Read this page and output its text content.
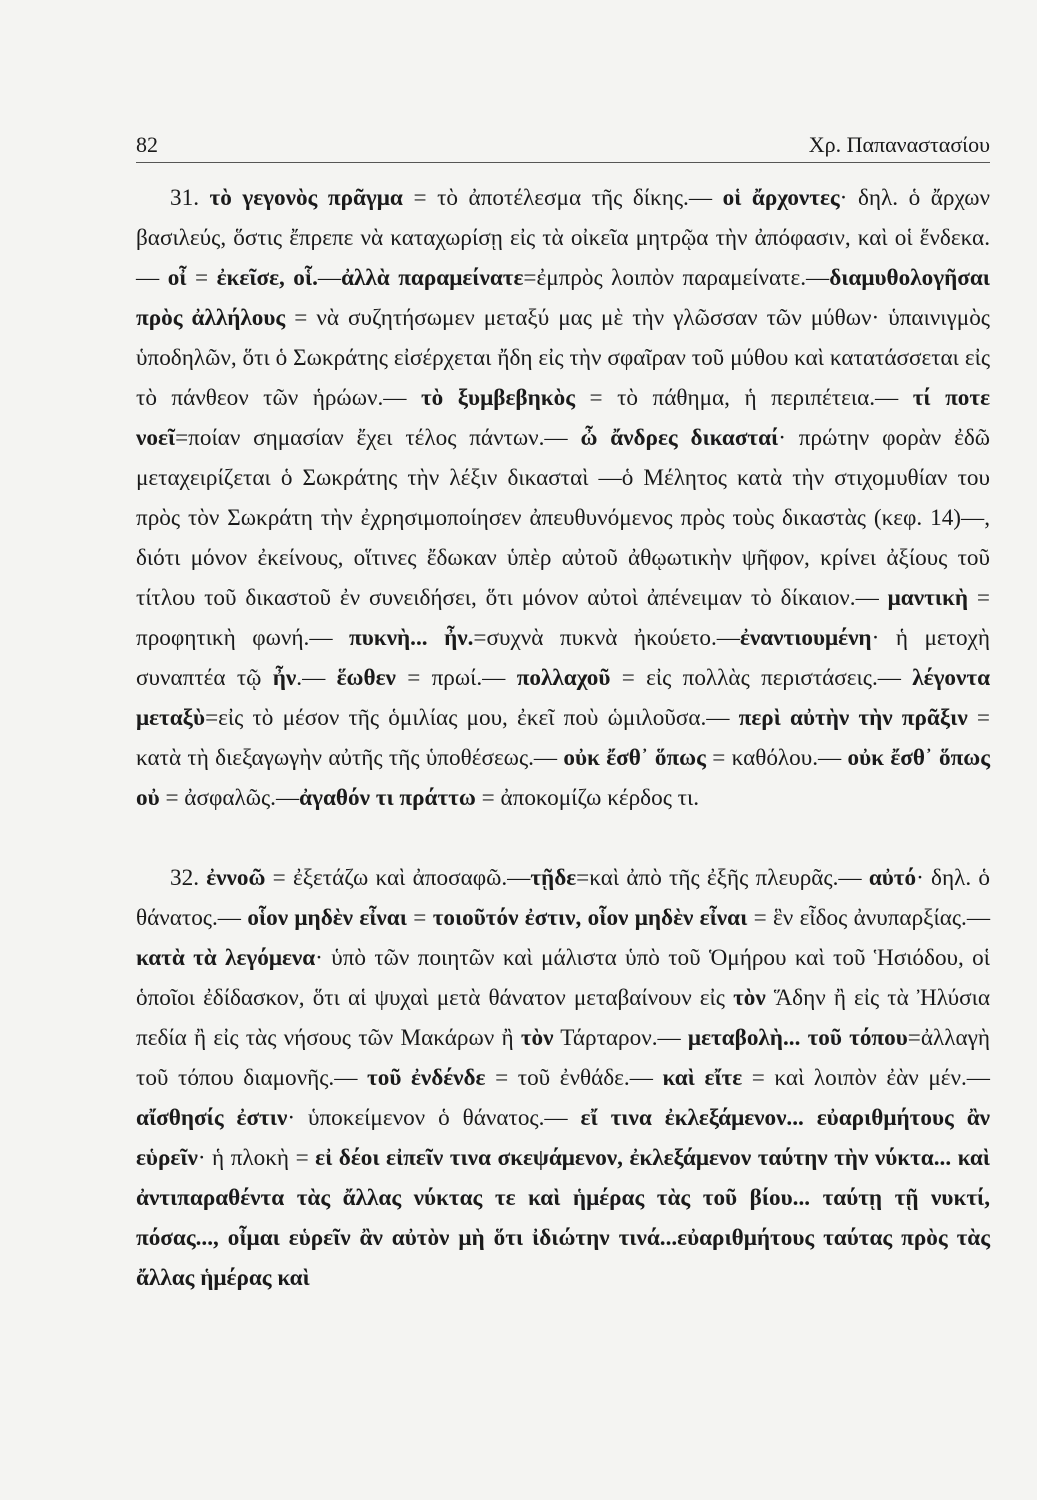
82	Χρ. Παπαναστασίου

31. τὸ γεγονὸς πρᾶγμα = τὸ ἀποτέλεσμα τῆς δίκης.— οἱ ἄρχοντες· δηλ. ὁ ἄρχων βασιλεύς, ὅστις ἔπρεπε νὰ καταχωρίσῃ εἰς τὰ οἰκεῖα μητρῷα τὴν ἀπόφασιν, καὶ οἱ ἕνδεκα.— οἶ = ἐκεῖσε, οἷ.—ἀλλὰ παραμείνατε=ἐμπρὸς λοιπὸν παραμείνατε.—διαμυθολογῆσαι πρὸς ἀλλήλους = νὰ συζητήσωμεν μεταξύ μας μὲ τὴν γλῶσσαν τῶν μύθων· ὑπαινιγμὸς ὑποδηλῶν, ὅτι ὁ Σωκράτης εἰσέρχεται ἤδη εἰς τὴν σφαῖραν τοῦ μύθου καὶ κατατάσσεται εἰς τὸ πάνθεον τῶν ἡρώων.— τὸ ξυμβεβηκὸς = τὸ πάθημα, ἡ περιπέτεια.— τί ποτε νοεῖ=ποίαν σημασίαν ἔχει τέλος πάντων.— ὦ ἄνδρες δικασταί· πρώτην φορὰν ἐδῶ μεταχειρίζεται ὁ Σωκράτης τὴν λέξιν δικασταὶ —ὁ Μέλητος κατὰ τὴν στιχομυθίαν του πρὸς τὸν Σωκράτη τὴν ἐχρησιμοποίησεν ἀπευθυνόμενος πρὸς τοὺς δικαστὰς (κεφ. 14)—, διότι μόνον ἐκείνους, οἵτινες ἔδωκαν ὑπὲρ αὐτοῦ ἀθῳωτικὴν ψῆφον, κρίνει ἀξίους τοῦ τίτλου τοῦ δικαστοῦ ἐν συνειδήσει, ὅτι μόνον αὐτοὶ ἀπένειμαν τὸ δίκαιον.— μαντικὴ = προφητικὴ φωνή.— πυκνὴ... ἦν.=συχνὰ πυκνὰ ἠκούετο.—ἐναντιουμένη· ἡ μετοχὴ συναπτέα τῷ ἦν.— ἕωθεν = πρωί.— πολλαχοῦ = εἰς πολλὰς περιστάσεις.— λέγοντα μεταξὺ=εἰς τὸ μέσον τῆς ὁμιλίας μου, ἐκεῖ ποὺ ὡμιλοῦσα.— περὶ αὐτὴν τὴν πρᾶξιν = κατὰ τὴ διεξαγωγὴν αὐτῆς τῆς ὑποθέσεως.— οὐκ ἔσθ᾿ ὅπως = καθόλου.— οὐκ ἔσθ᾿ ὅπως οὐ = ἀσφαλῶς.—ἀγαθόν τι πράττω = ἀποκομίζω κέρδος τι.

32. ἐννοῶ = ἐξετάζω καὶ ἀποσαφῶ.—τῇδε=καὶ ἀπὸ τῆς ἐξῆς πλευρᾶς.— αὐτό· δηλ. ὁ θάνατος.— οἷον μηδὲν εἶναι = τοιοῦτόν ἐστιν, οἷον μηδὲν εἶναι = ἓν εἶδος ἀνυπαρξίας.— κατὰ τὰ λεγόμενα· ὑπὸ τῶν ποιητῶν καὶ μάλιστα ὑπὸ τοῦ Ὁμήρου καὶ τοῦ Ἡσιόδου, οἱ ὁποῖοι ἐδίδασκον, ὅτι αἱ ψυχαὶ μετὰ θάνατον μεταβαίνουν εἰς τὸν Ἅδην ἢ εἰς τὰ Ἠλύσια πεδία ἢ εἰς τὰς νήσους τῶν Μακάρων ἢ τὸν Τάρταρον.— μεταβολὴ... τοῦ τόπου=ἀλλαγὴ τοῦ τόπου διαμονῆς.— τοῦ ἐνδένδε = τοῦ ἐνθάδε.— καὶ εἴτε = καὶ λοιπὸν ἐὰν μέν.—αἴσθησίς ἐστιν· ὑποκείμενον ὁ θάνατος.— εἴ τινα ἐκλεξάμενον... εὐαριθμήτους ἂν εὑρεῖν· ἡ πλοκὴ = εἰ δέοι εἰπεῖν τινα σκεψάμενον, ἐκλεξάμενον ταύτην τὴν νύκτα... καὶ ἀντιπαραθέντα τὰς ἄλλας νύκτας τε καὶ ἡμέρας τὰς τοῦ βίου... ταύτῃ τῇ νυκτί, πόσας..., οἶμαι εὑρεῖν ἂν αὐτὸν μὴ ὅτι ἰδιώτην τινά...εὐαριθμήτους ταύτας πρὸς τὰς ἄλλας ἡμέρας καὶ
